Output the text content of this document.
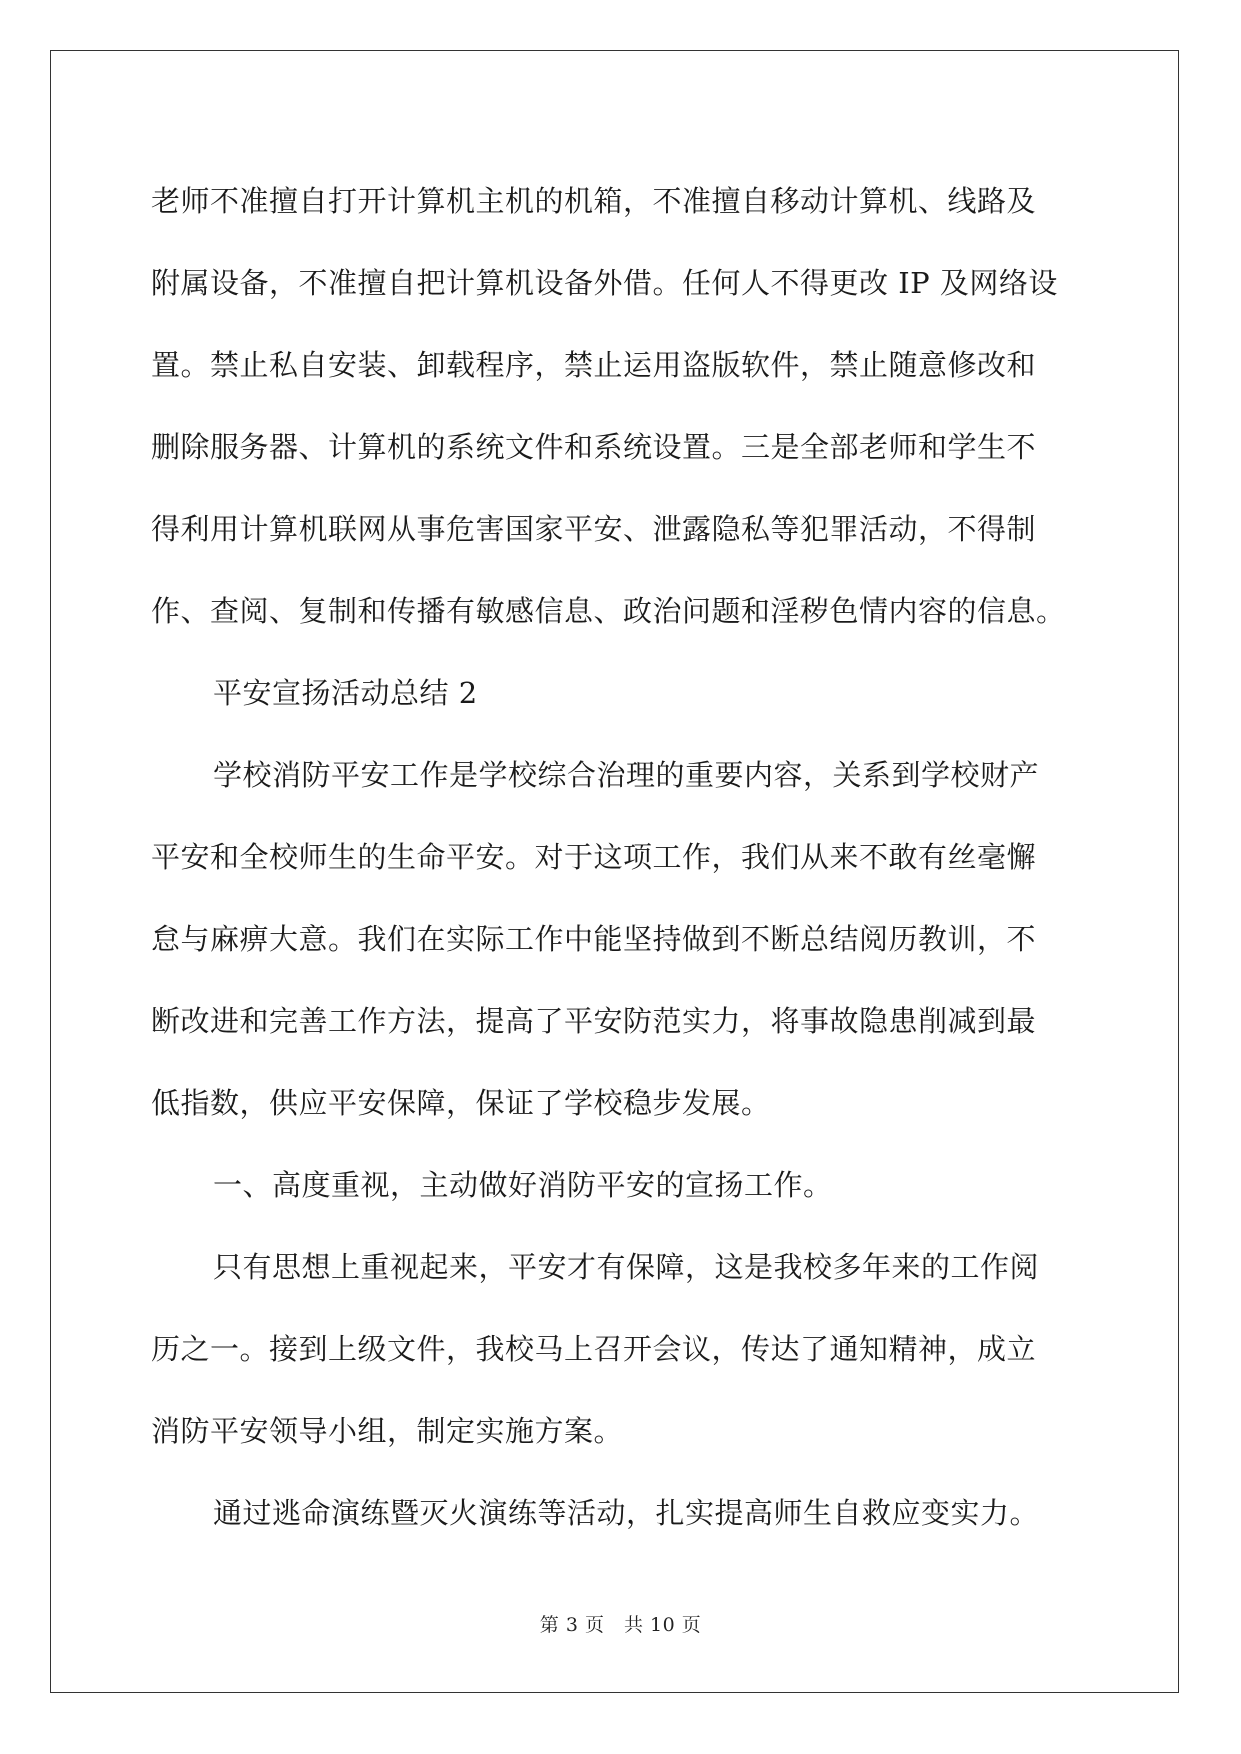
老师不准擅自打开计算机主机的机箱，不准擅自移动计算机、线路及
附属设备，不准擅自把计算机设备外借。任何人不得更改 IP 及网络设
置。禁止私自安装、卸载程序，禁止运用盗版软件，禁止随意修改和
删除服务器、计算机的系统文件和系统设置。三是全部老师和学生不
得利用计算机联网从事危害国家平安、泄露隐私等犯罪活动，不得制
作、查阅、复制和传播有敏感信息、政治问题和淫秽色情内容的信息。
平安宣扬活动总结 2
学校消防平安工作是学校综合治理的重要内容，关系到学校财产
平安和全校师生的生命平安。对于这项工作，我们从来不敢有丝毫懈
怠与麻痹大意。我们在实际工作中能坚持做到不断总结阅历教训，不
断改进和完善工作方法，提高了平安防范实力，将事故隐患削减到最
低指数，供应平安保障，保证了学校稳步发展。
一、高度重视，主动做好消防平安的宣扬工作。
只有思想上重视起来，平安才有保障，这是我校多年来的工作阅
历之一。接到上级文件，我校马上召开会议，传达了通知精神，成立
消防平安领导小组，制定实施方案。
通过逃命演练暨灭火演练等活动，扎实提高师生自救应变实力。
第 3 页　共 10 页
